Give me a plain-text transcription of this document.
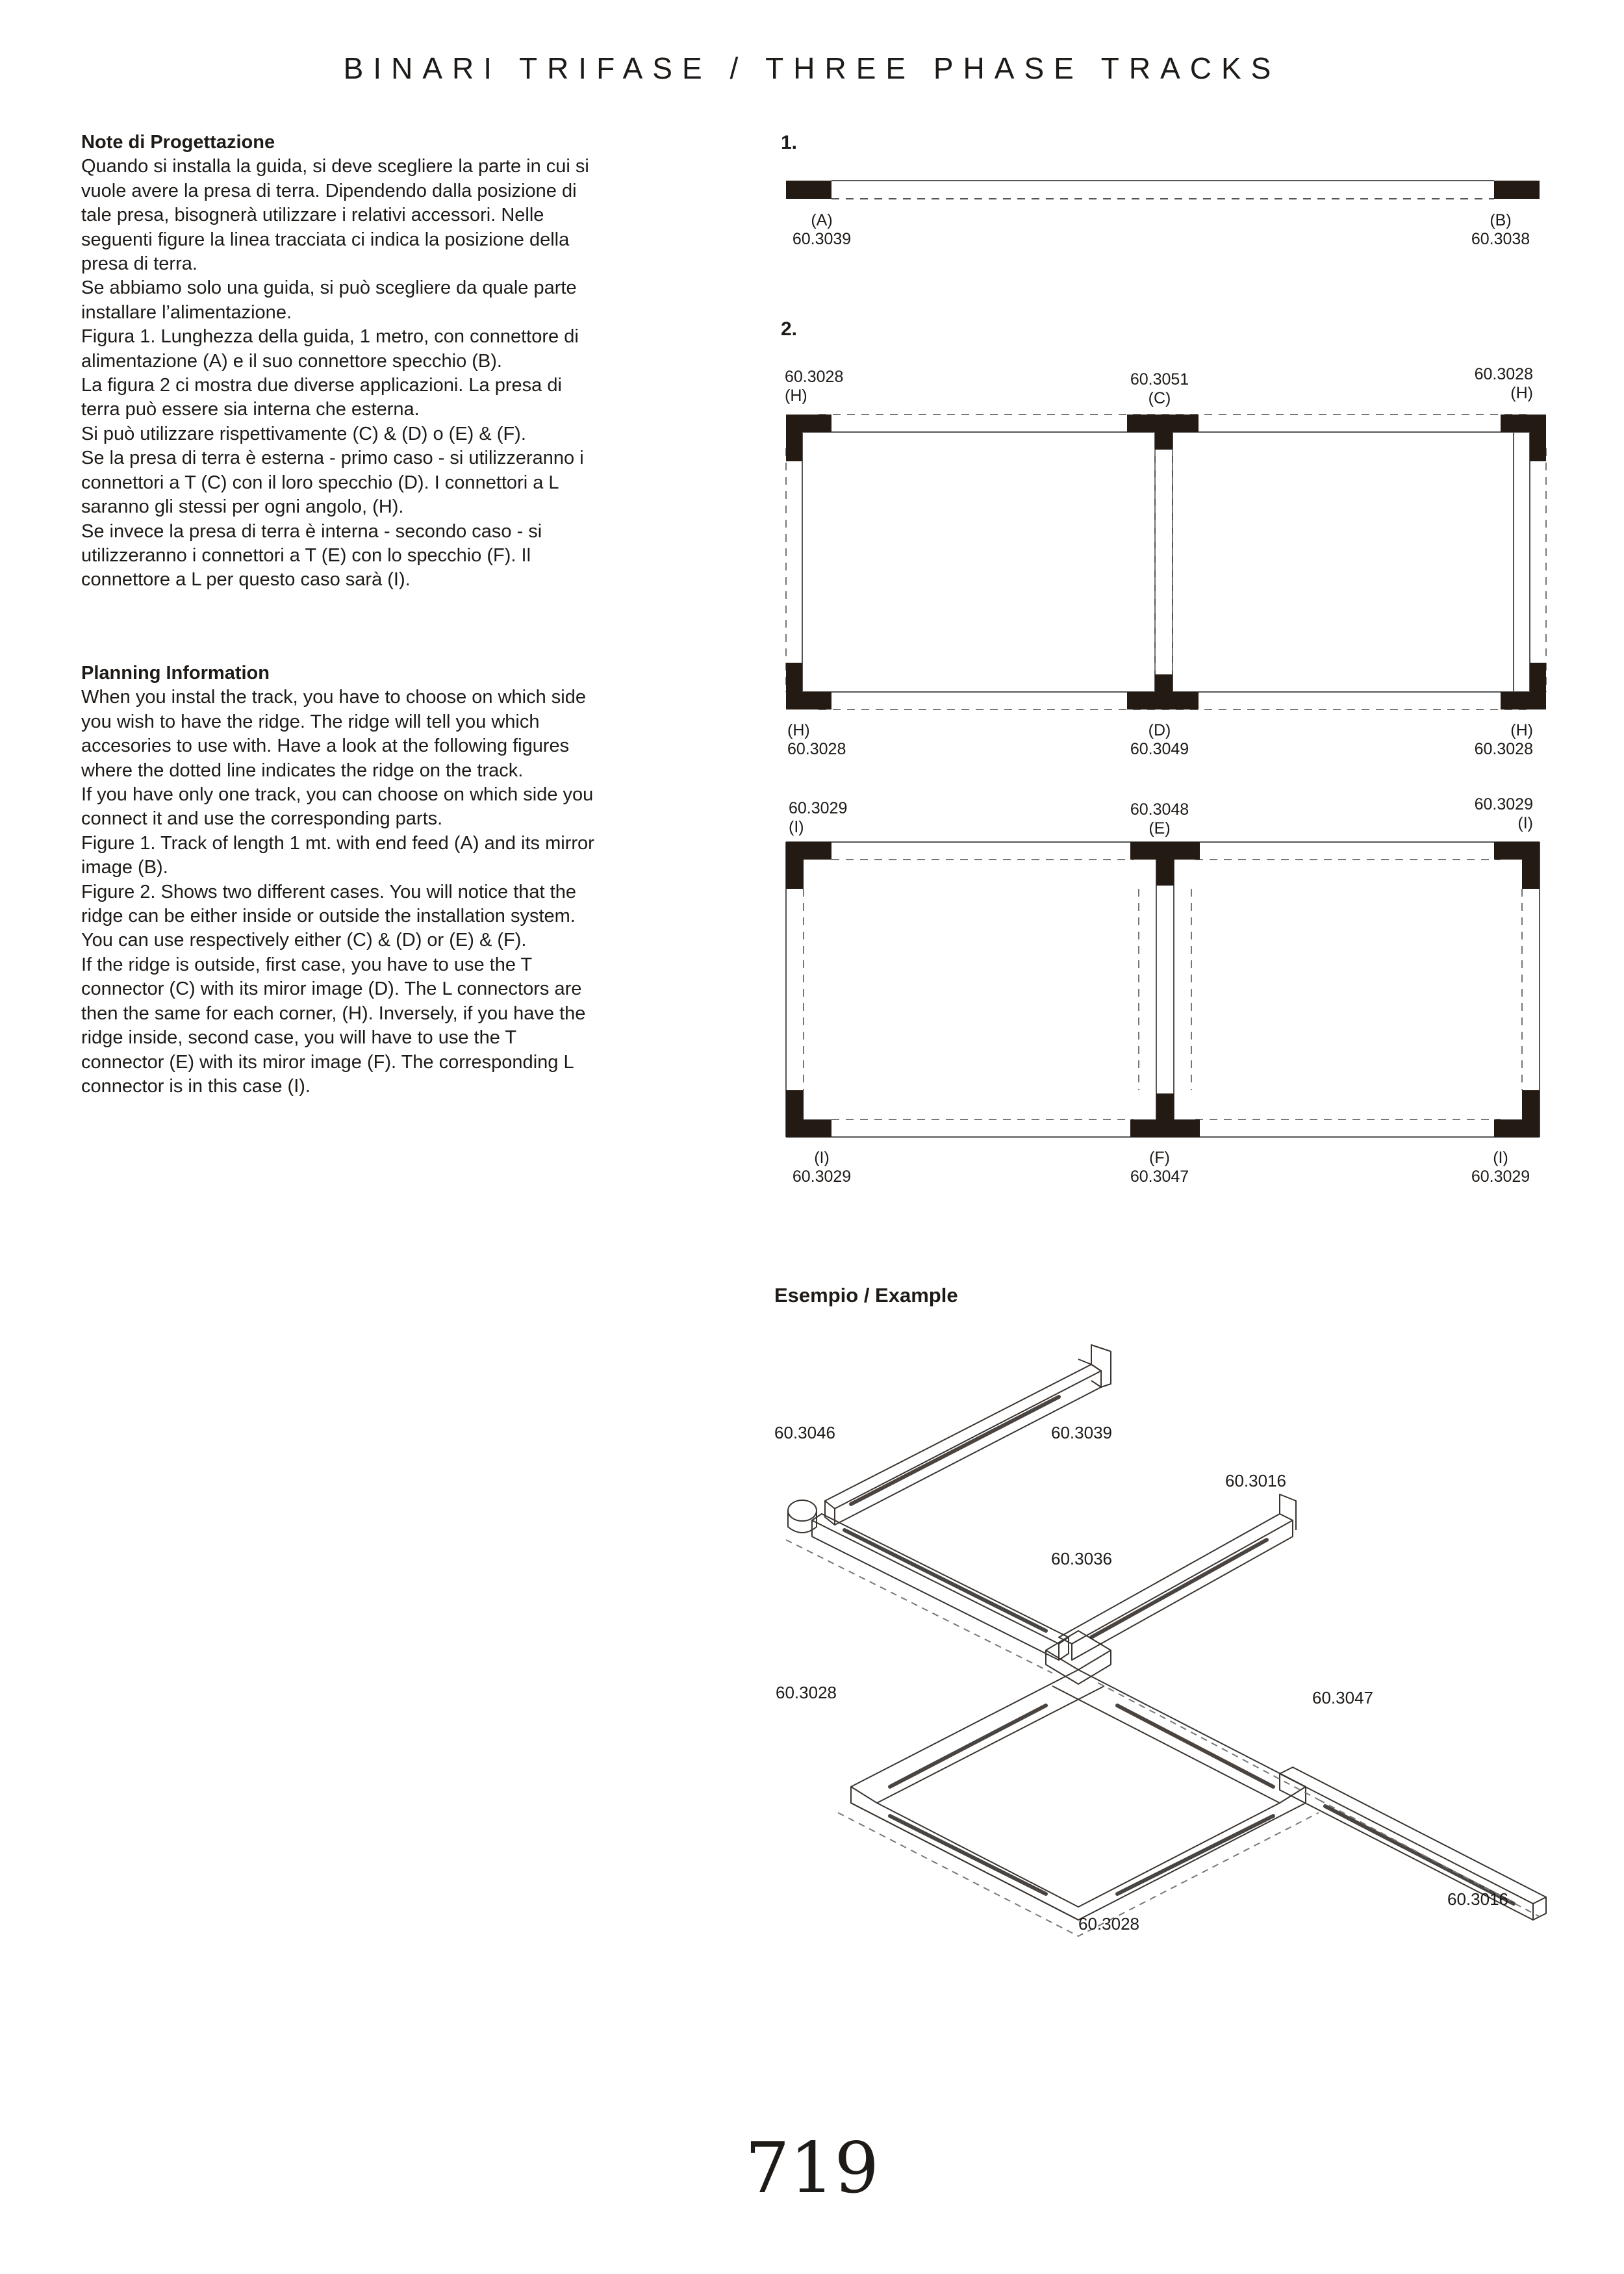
BINARI TRIFASE / THREE PHASE TRACKS
Note di Progettazione

Quando si installa la guida, si deve scegliere la parte in cui si vuole avere la presa di terra. Dipendendo dalla posizione di tale presa, bisognerà utilizzare i relativi accessori. Nelle seguenti figure la linea tracciata ci indica la posizione della presa di terra.

Se abbiamo solo una guida, si può scegliere da quale parte installare l’alimentazione.

Figura 1. Lunghezza della guida, 1 metro, con connettore di alimentazione (A) e il suo connettore specchio (B).

La figura 2 ci mostra due diverse applicazioni. La presa di terra può essere sia interna che esterna.

Si può utilizzare rispettivamente (C) & (D) o (E) & (F).

Se la presa di terra è esterna - primo caso - si utilizzeranno i connettori a T (C) con il loro specchio (D). I connettori a L saranno gli stessi per ogni angolo, (H).

Se invece la presa di terra è interna - secondo caso - si utilizzeranno i connettori a T (E) con lo specchio (F). Il connettore a L per questo caso sarà (I).

Planning Information

When you instal the track, you have to choose on which side you wish to have the ridge. The ridge will tell you which accesories to use with. Have a look at the following figures where the dotted line indicates the ridge on the track.

If you have only one track, you can choose on which side you connect it and use the corresponding parts.

Figure 1. Track of length 1 mt. with end feed (A) and its mirror image (B).

Figure 2. Shows two different cases. You will notice that the ridge can be either inside or outside the installation system. You can use respectively either (C) & (D) or (E) & (F).

If the ridge is outside, first case, you have to use the T connector (C) with its miror image (D). The L connectors are then the same for each corner, (H). Inversely, if you have the ridge inside, second case, you will have to use the T connector (E) with its miror image (F). The corresponding L connector is in this case (I).

1.
(A)
60.3039
(B)
60.3038
2.
60.3028
(H)
60.3051
(C)
60.3028
(H)
(H)
60.3028
(D)
60.3049
(H)
60.3028
60.3029
(I)
60.3048
(E)
60.3029
(I)
(I)
60.3029
(F)
60.3047
(I)
60.3029
Esempio / Example
60.3046	60.3039
60.3016
60.3036
60.3028	60.3047
60.3016
60.3028
719
